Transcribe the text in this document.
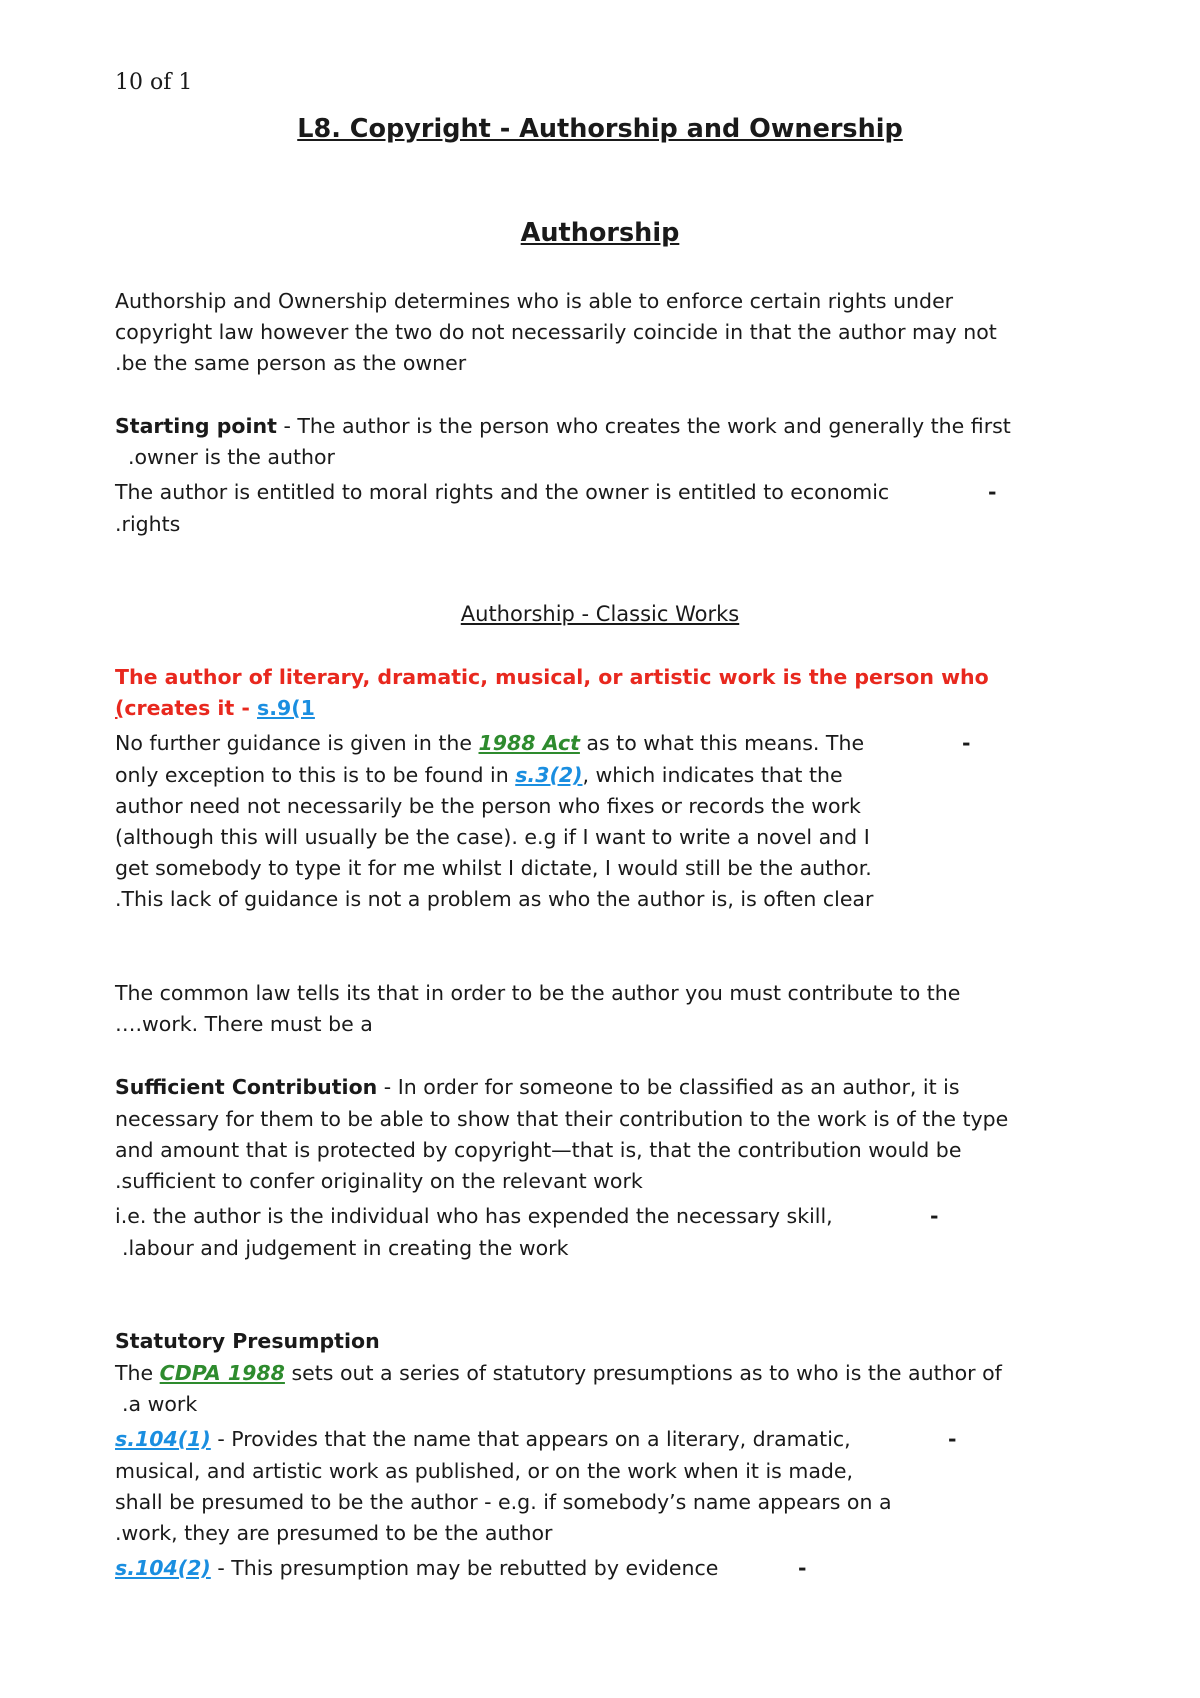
10 of 1
L8. Copyright - Authorship and Ownership
Authorship
Authorship and Ownership determines who is able to enforce certain rights under
copyright law however the two do not necessarily coincide in that the author may not
.be the same person as the owner
Starting point - The author is the person who creates the work and generally the first
.owner is the author
The author is entitled to moral rights and the owner is entitled to economic	-
.rights
Authorship - Classic Works
The author of literary, dramatic, musical, or artistic work is the person who
(creates it - s.9(1
No further guidance is given in the 1988 Act as to what this means. The	-
only exception to this is to be found in s.3(2), which indicates that the
author need not necessarily be the person who fixes or records the work
(although this will usually be the case). e.g if I want to write a novel and I
get somebody to type it for me whilst I dictate, I would still be the author.
.This lack of guidance is not a problem as who the author is, is often clear
The common law tells its that in order to be the author you must contribute to the
….work. There must be a
Sufficient Contribution - In order for someone to be classified as an author, it is
necessary for them to be able to show that their contribution to the work is of the type
and amount that is protected by copyright—that is, that the contribution would be
.sufficient to confer originality on the relevant work
i.e. the author is the individual who has expended the necessary skill,	-
.labour and judgement in creating the work
Statutory Presumption
The CDPA 1988 sets out a series of statutory presumptions as to who is the author of
.a work
s.104(1) - Provides that the name that appears on a literary, dramatic,	-
musical, and artistic work as published, or on the work when it is made,
shall be presumed to be the author - e.g. if somebody’s name appears on a
.work, they are presumed to be the author
s.104(2) - This presumption may be rebutted by evidence	-
